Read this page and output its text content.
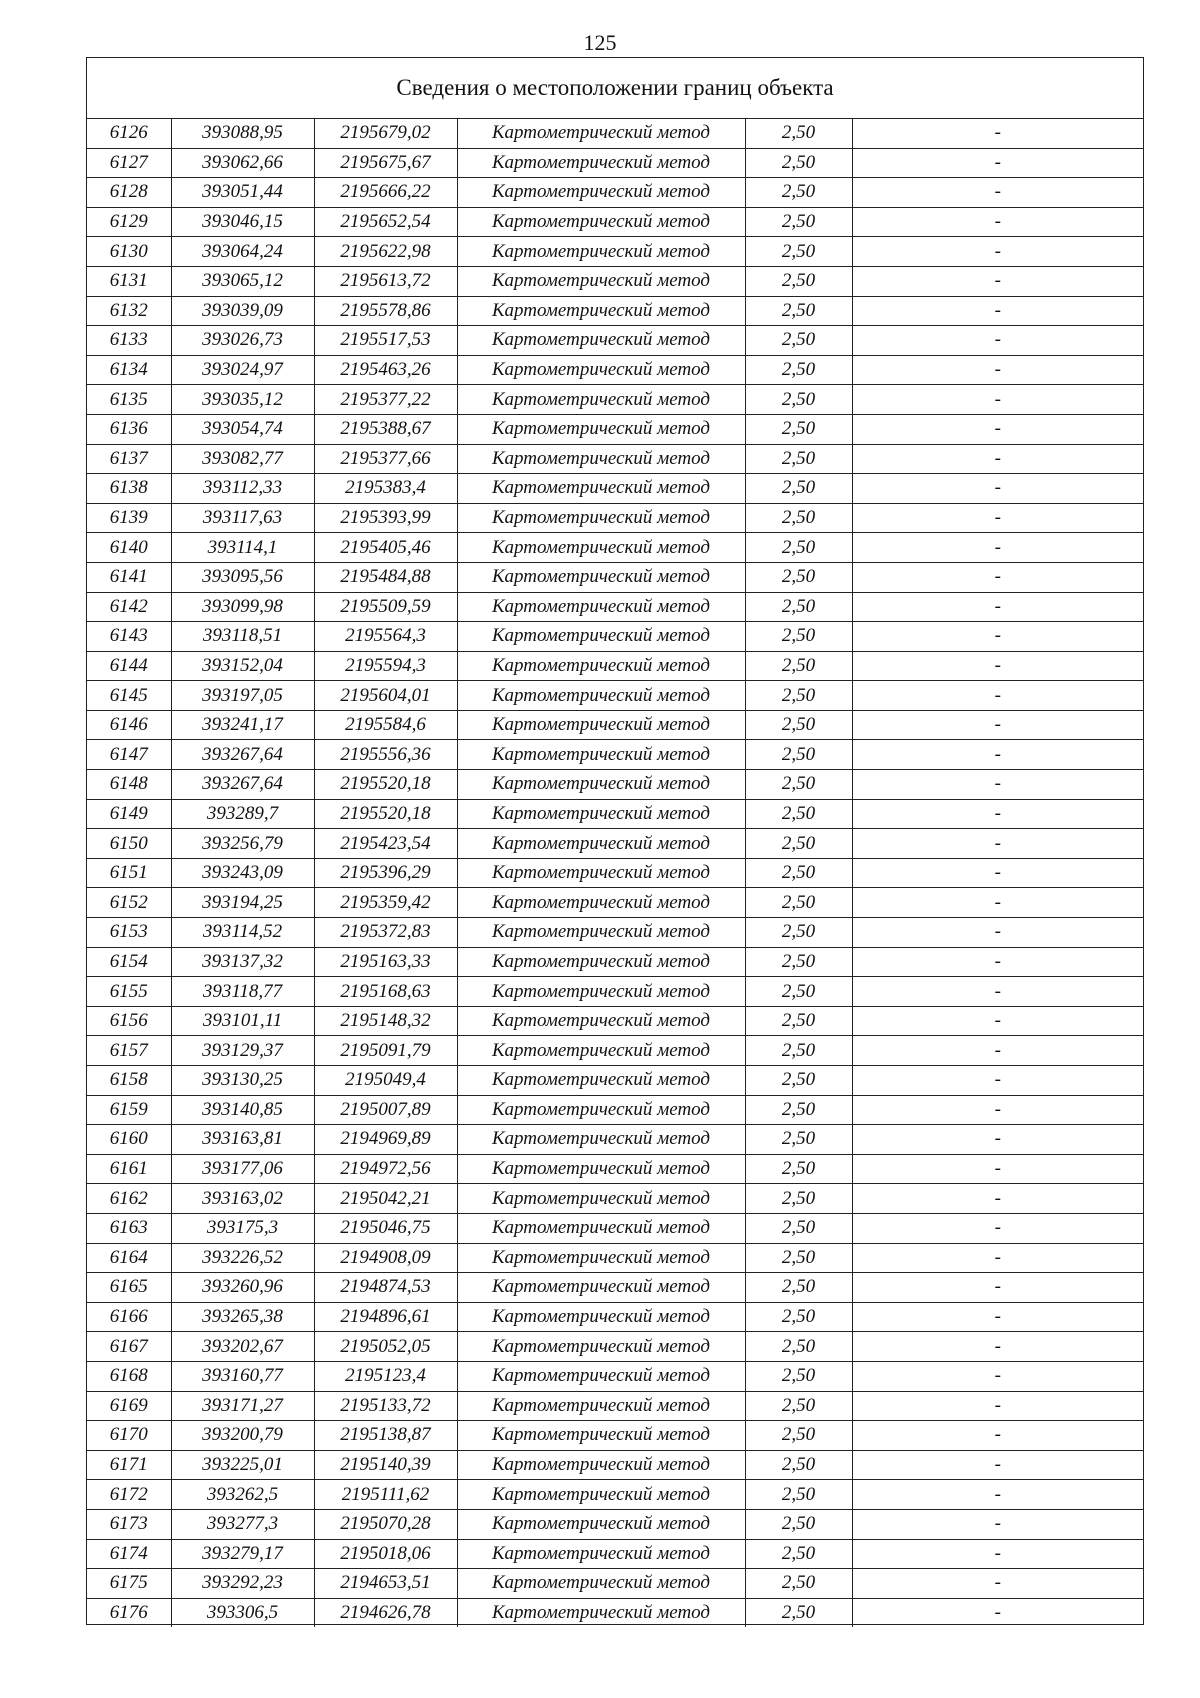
125
Сведения о местоположении границ объекта
6126	393088,95	2195679,02	Картометрический метод	2,50	-
6127	393062,66	2195675,67	Картометрический метод	2,50	-
6128	393051,44	2195666,22	Картометрический метод	2,50	-
6129	393046,15	2195652,54	Картометрический метод	2,50	-
6130	393064,24	2195622,98	Картометрический метод	2,50	-
6131	393065,12	2195613,72	Картометрический метод	2,50	-
6132	393039,09	2195578,86	Картометрический метод	2,50	-
6133	393026,73	2195517,53	Картометрический метод	2,50	-
6134	393024,97	2195463,26	Картометрический метод	2,50	-
6135	393035,12	2195377,22	Картометрический метод	2,50	-
6136	393054,74	2195388,67	Картометрический метод	2,50	-
6137	393082,77	2195377,66	Картометрический метод	2,50	-
6138	393112,33	2195383,4	Картометрический метод	2,50	-
6139	393117,63	2195393,99	Картометрический метод	2,50	-
6140	393114,1	2195405,46	Картометрический метод	2,50	-
6141	393095,56	2195484,88	Картометрический метод	2,50	-
6142	393099,98	2195509,59	Картометрический метод	2,50	-
6143	393118,51	2195564,3	Картометрический метод	2,50	-
6144	393152,04	2195594,3	Картометрический метод	2,50	-
6145	393197,05	2195604,01	Картометрический метод	2,50	-
6146	393241,17	2195584,6	Картометрический метод	2,50	-
6147	393267,64	2195556,36	Картометрический метод	2,50	-
6148	393267,64	2195520,18	Картометрический метод	2,50	-
6149	393289,7	2195520,18	Картометрический метод	2,50	-
6150	393256,79	2195423,54	Картометрический метод	2,50	-
6151	393243,09	2195396,29	Картометрический метод	2,50	-
6152	393194,25	2195359,42	Картометрический метод	2,50	-
6153	393114,52	2195372,83	Картометрический метод	2,50	-
6154	393137,32	2195163,33	Картометрический метод	2,50	-
6155	393118,77	2195168,63	Картометрический метод	2,50	-
6156	393101,11	2195148,32	Картометрический метод	2,50	-
6157	393129,37	2195091,79	Картометрический метод	2,50	-
6158	393130,25	2195049,4	Картометрический метод	2,50	-
6159	393140,85	2195007,89	Картометрический метод	2,50	-
6160	393163,81	2194969,89	Картометрический метод	2,50	-
6161	393177,06	2194972,56	Картометрический метод	2,50	-
6162	393163,02	2195042,21	Картометрический метод	2,50	-
6163	393175,3	2195046,75	Картометрический метод	2,50	-
6164	393226,52	2194908,09	Картометрический метод	2,50	-
6165	393260,96	2194874,53	Картометрический метод	2,50	-
6166	393265,38	2194896,61	Картометрический метод	2,50	-
6167	393202,67	2195052,05	Картометрический метод	2,50	-
6168	393160,77	2195123,4	Картометрический метод	2,50	-
6169	393171,27	2195133,72	Картометрический метод	2,50	-
6170	393200,79	2195138,87	Картометрический метод	2,50	-
6171	393225,01	2195140,39	Картометрический метод	2,50	-
6172	393262,5	2195111,62	Картометрический метод	2,50	-
6173	393277,3	2195070,28	Картометрический метод	2,50	-
6174	393279,17	2195018,06	Картометрический метод	2,50	-
6175	393292,23	2194653,51	Картометрический метод	2,50	-
6176	393306,5	2194626,78	Картометрический метод	2,50	-
